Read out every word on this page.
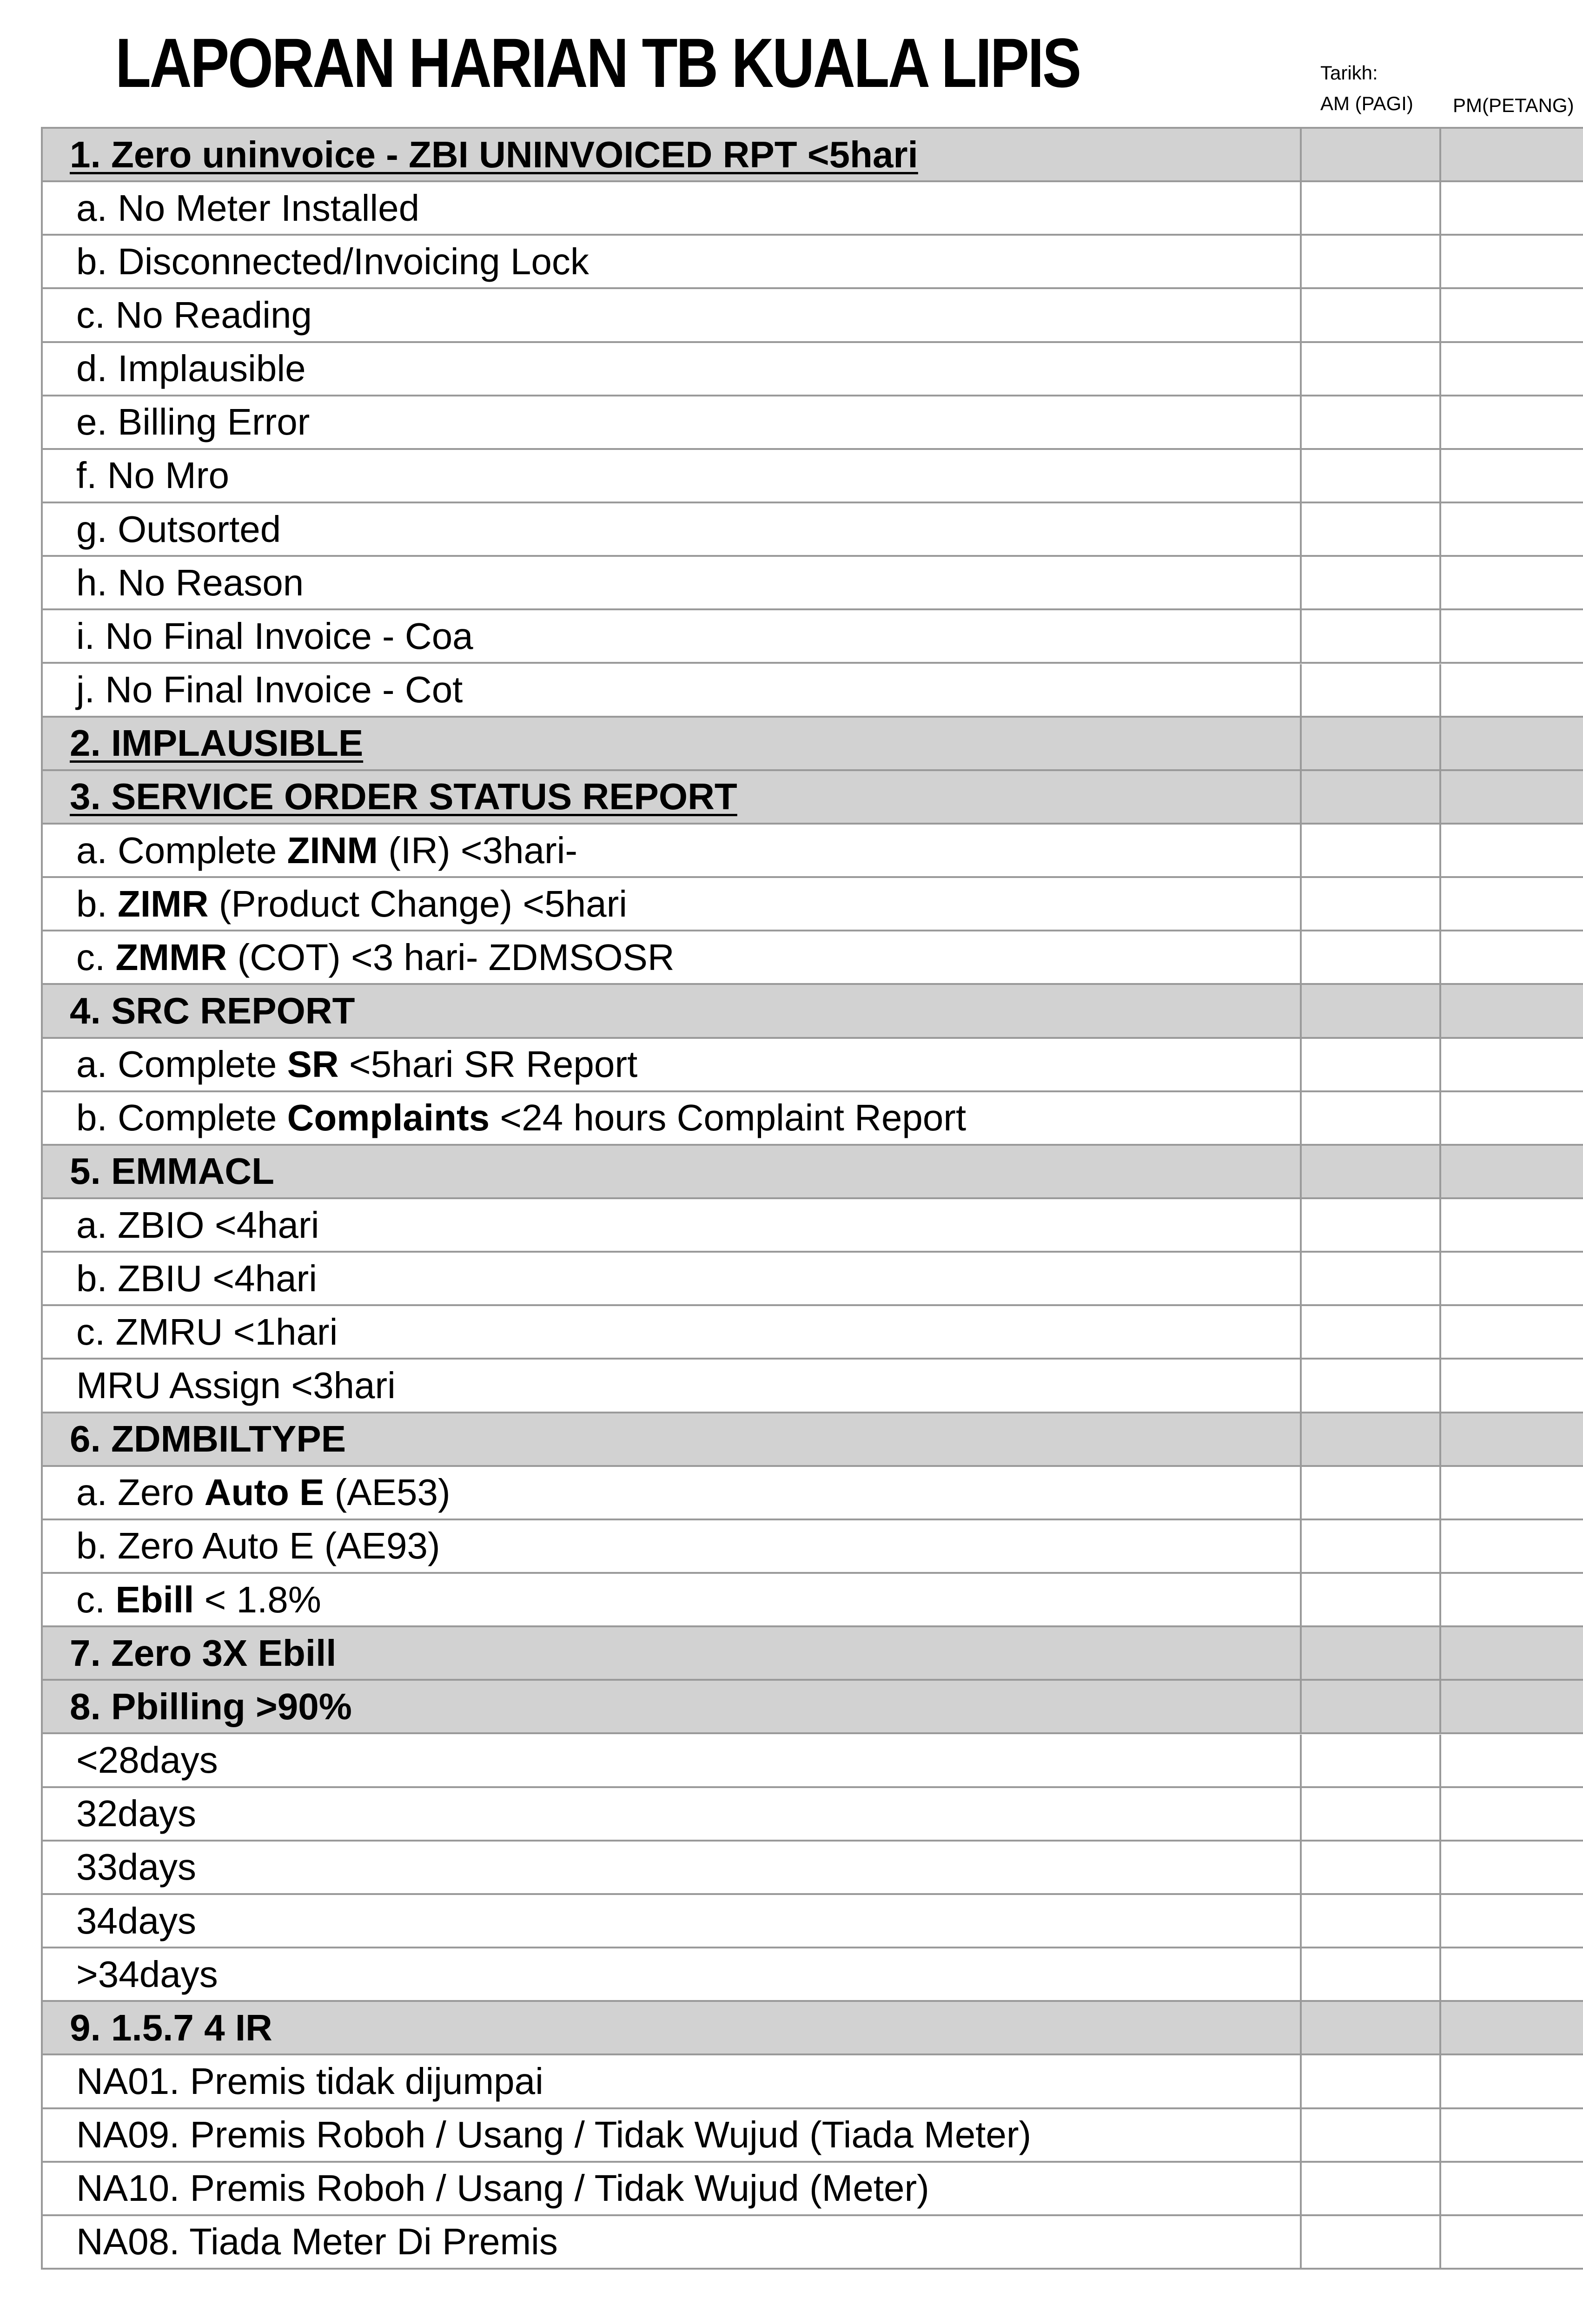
LAPORAN HARIAN TB KUALA LIPIS	Tarikh:
AM (PAGI) PM(PETANG)
1. Zero uninvoice - ZBI UNINVOICED RPT <5hari
a. No Meter Installed
b. Disconnected/Invoicing Lock
c. No Reading
d. Implausible
e. Billing Error
f. No Mro
g. Outsorted
h. No Reason
i. No Final Invoice - Coa
j. No Final Invoice - Cot
2. IMPLAUSIBLE
3. SERVICE ORDER STATUS REPORT
a. Complete ZINM (IR) <3hari-
b. ZIMR (Product Change) <5hari
c. ZMMR (COT) <3 hari- ZDMSOSR
4. SRC REPORT
a. Complete SR <5hari SR Report
b. Complete Complaints <24 hours Complaint Report
5. EMMACL
a. ZBIO <4hari
b. ZBIU <4hari
c. ZMRU <1hari
MRU Assign <3hari
6. ZDMBILTYPE
a. Zero Auto E (AE53)
b. Zero Auto E (AE93)
c. Ebill < 1.8%
7. Zero 3X Ebill
8. Pbilling >90%
<28days
32days
33days
34days
>34days
9. 1.5.7 4 IR
NA01. Premis tidak dijumpai
NA09. Premis Roboh / Usang / Tidak Wujud (Tiada Meter)
NA10. Premis Roboh / Usang / Tidak Wujud (Meter)
NA08. Tiada Meter Di Premis
